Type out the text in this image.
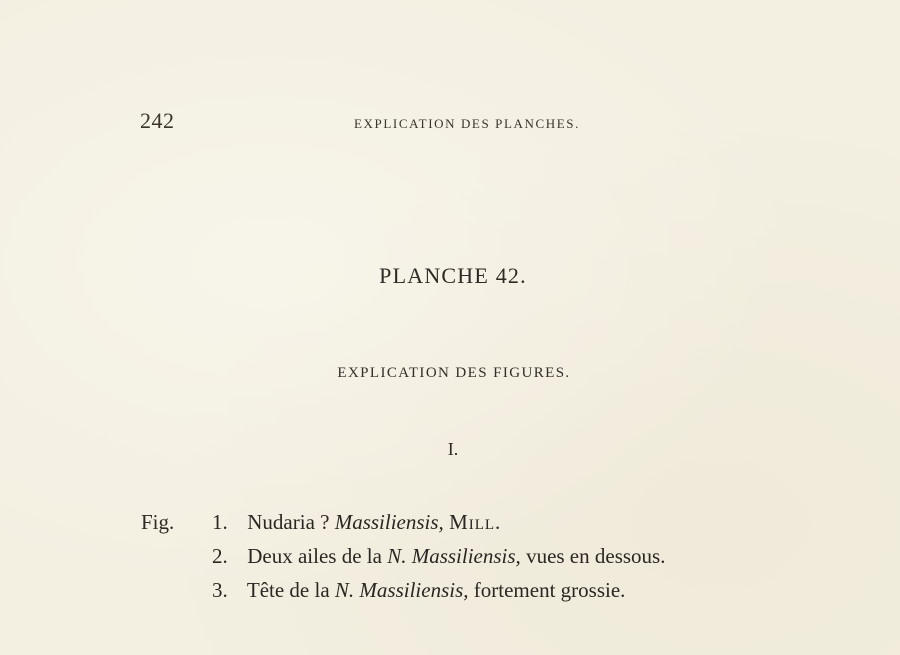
242	EXPLICATION DES PLANCHES.
PLANCHE 42.
EXPLICATION DES FIGURES.
I.
Fig. 1. Nudaria ? Massiliensis, Mill.
2. Deux ailes de la N. Massiliensis, vues en dessous.
3. Tête de la N. Massiliensis, fortement grossie.
